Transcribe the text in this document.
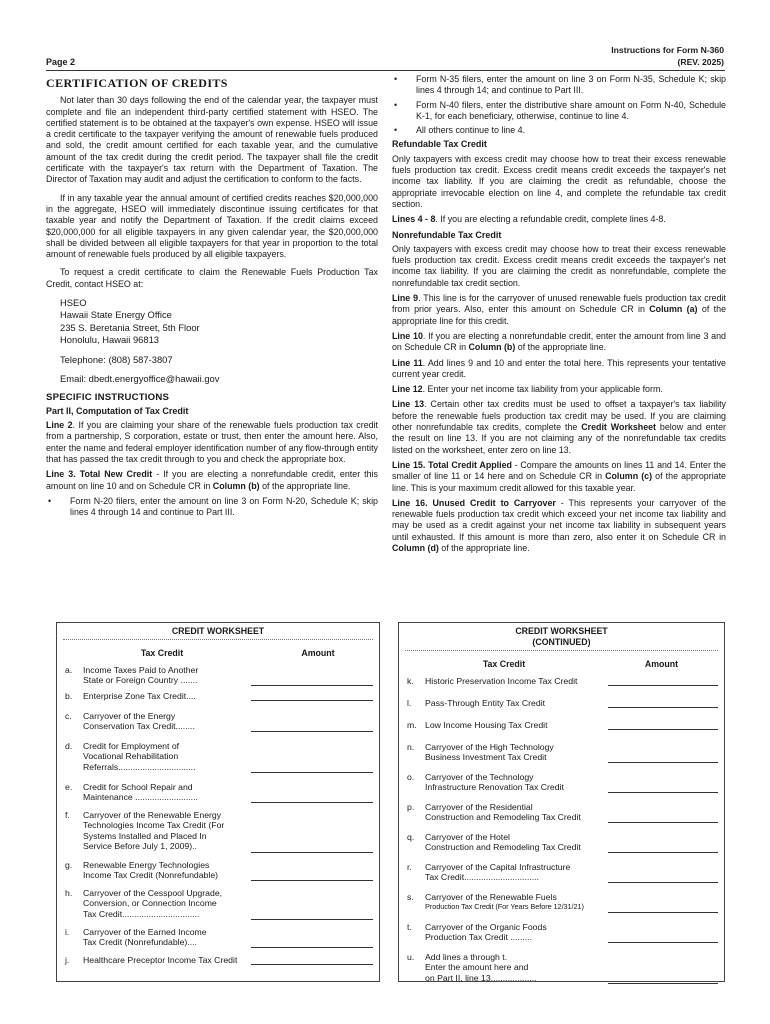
Instructions for Form N-360
(REV. 2025)
Page 2
CERTIFICATION OF CREDITS

Not later than 30 days following the end of the calendar year, the taxpayer must complete and file an independent third-party certified statement with HSEO. The certified statement is to be obtained at the taxpayer's own expense. HSEO will issue a credit certificate to the taxpayer verifying the amount of renewable fuels produced and sold, the credit amount certified for each taxable year, and the cumulative amount of the tax credit during the credit period. The taxpayer shall file the credit certificate with the taxpayer's tax return with the Department of Taxation. The Director of Taxation may audit and adjust the certification to conform to the facts.

If in any taxable year the annual amount of certified credits reaches $20,000,000 in the aggregate, HSEO will immediately discontinue issuing certificates for that taxable year and notify the Department of Taxation. If the credit claims exceed $20,000,000 for all eligible taxpayers in any given calendar year, the $20,000,000 shall be divided between all eligible taxpayers for that year in proportion to the total amount of renewable fuels produced by all eligible taxpayers.

To request a credit certificate to claim the Renewable Fuels Production Tax Credit, contact HSEO at:

HSEO
Hawaii State Energy Office
235 S. Beretania Street, 5th Floor
Honolulu, Hawaii 96813
Telephone: (808) 587-3807
Email: dbedt.energyoffice@hawaii.gov
SPECIFIC INSTRUCTIONS
Part II, Computation of Tax Credit

Line 2. If you are claiming your share of the renewable fuels production tax credit from a partnership, S corporation, estate or trust, then enter the amount here. Also, enter the name and federal employer identification number of any flow-through entity that has passed the tax credit through to you and check the appropriate box.

Line 3. Total New Credit - If you are electing a nonrefundable credit, enter this amount on line 10 and on Schedule CR in Column (b) of the appropriate line.

•	Form N-20 filers, enter the amount on line 3 on Form N-20, Schedule K; skip lines 4 through 14 and continue to Part III.
•	Form N-35 filers, enter the amount on line 3 on Form N-35, Schedule K; skip lines 4 through 14; and continue to Part III.
•	Form N-40 filers, enter the distributive share amount on Form N-40, Schedule K-1, for each beneficiary, otherwise, continue to line 4.
•	All others continue to line 4.
Refundable Tax Credit

Only taxpayers with excess credit may choose how to treat their excess renewable fuels production tax credit. Excess credit means credit exceeds the taxpayer's net income tax liability. If you are claiming the credit as refundable, choose the appropriate irrevocable election on line 4, and complete the refundable tax credit section.

Lines 4 - 8. If you are electing a refundable credit, complete lines 4-8.

Nonrefundable Tax Credit

Only taxpayers with excess credit may choose how to treat their excess renewable fuels production tax credit. Excess credit means credit exceeds the taxpayer's net income tax liability. If you are claiming the credit as nonrefundable, complete the nonrefundable tax credit section.

Line 9. This line is for the carryover of unused renewable fuels production tax credit from prior years. Also, enter this amount on Schedule CR in Column (a) of the appropriate line for this credit.

Line 10. If you are electing a nonrefundable credit, enter the amount from line 3 and on Schedule CR in Column (b) of the appropriate line.

Line 11. Add lines 9 and 10 and enter the total here. This represents your tentative current year credit.

Line 12. Enter your net income tax liability from your applicable form.

Line 13. Certain other tax credits must be used to offset a taxpayer's tax liability before the renewable fuels production tax credit may be used. If you are claiming other nonrefundable tax credits, complete the Credit Worksheet below and enter the result on line 13. If you are not claiming any of the nonrefundable tax credits listed on the worksheet, enter zero on line 13.

Line 15. Total Credit Applied - Compare the amounts on lines 11 and 14. Enter the smaller of line 11 or 14 here and on Schedule CR in Column (c) of the appropriate line. This is your maximum credit allowed for this taxable year.

Line 16. Unused Credit to Carryover - This represents your carryover of the renewable fuels production tax credit which exceed your net income tax liability and may be used as a credit against your net income tax liability in subsequent years until exhausted. If this amount is more than zero, also enter it on Schedule CR in Column (d) of the appropriate line.

CREDIT WORKSHEET
Tax Credit	Amount
a.	Income Taxes Paid to Another
State or Foreign Country .......
b.	Enterprise Zone Tax Credit....
c.	Carryover of the Energy
Conservation Tax Credit........
d.	Credit for Employment of
Vocational Rehabilitation
Referrals................................
e.	Credit for School Repair and
Maintenance ..........................
f.	Carryover of the Renewable Energy
Technologies Income Tax Credit (For
Systems Installed and Placed In
Service Before July 1, 2009)..
g.	Renewable Energy Technologies
Income Tax Credit (Nonrefundable)
h.	Carryover of the Cesspool Upgrade,
Conversion, or Connection Income
Tax Credit................................
i.	Carryover of the Earned Income
Tax Credit (Nonrefundable)....
j.	Healthcare Preceptor Income Tax Credit
CREDIT WORKSHEET
(CONTINUED)
Tax Credit	Amount
k.	Historic Preservation Income Tax Credit
l.	Pass-Through Entity Tax Credit
m. Low Income Housing Tax Credit
n.	Carryover of the High Technology
Business Investment Tax Credit
o.	Carryover of the Technology
Infrastructure Renovation Tax Credit
p.	Carryover of the Residential
Construction and Remodeling Tax Credit
q.	Carryover of the Hotel
Construction and Remodeling Tax Credit
r.	Carryover of the Capital Infrastructure
Tax Credit...............................
s.	Carryover of the Renewable Fuels
Production Tax Credit (For Years Before 12/31/21)
t.	Carryover of the Organic Foods
Production Tax Credit .........
u.	Add lines a through t.
Enter the amount here and
on Part II, line 13...................
